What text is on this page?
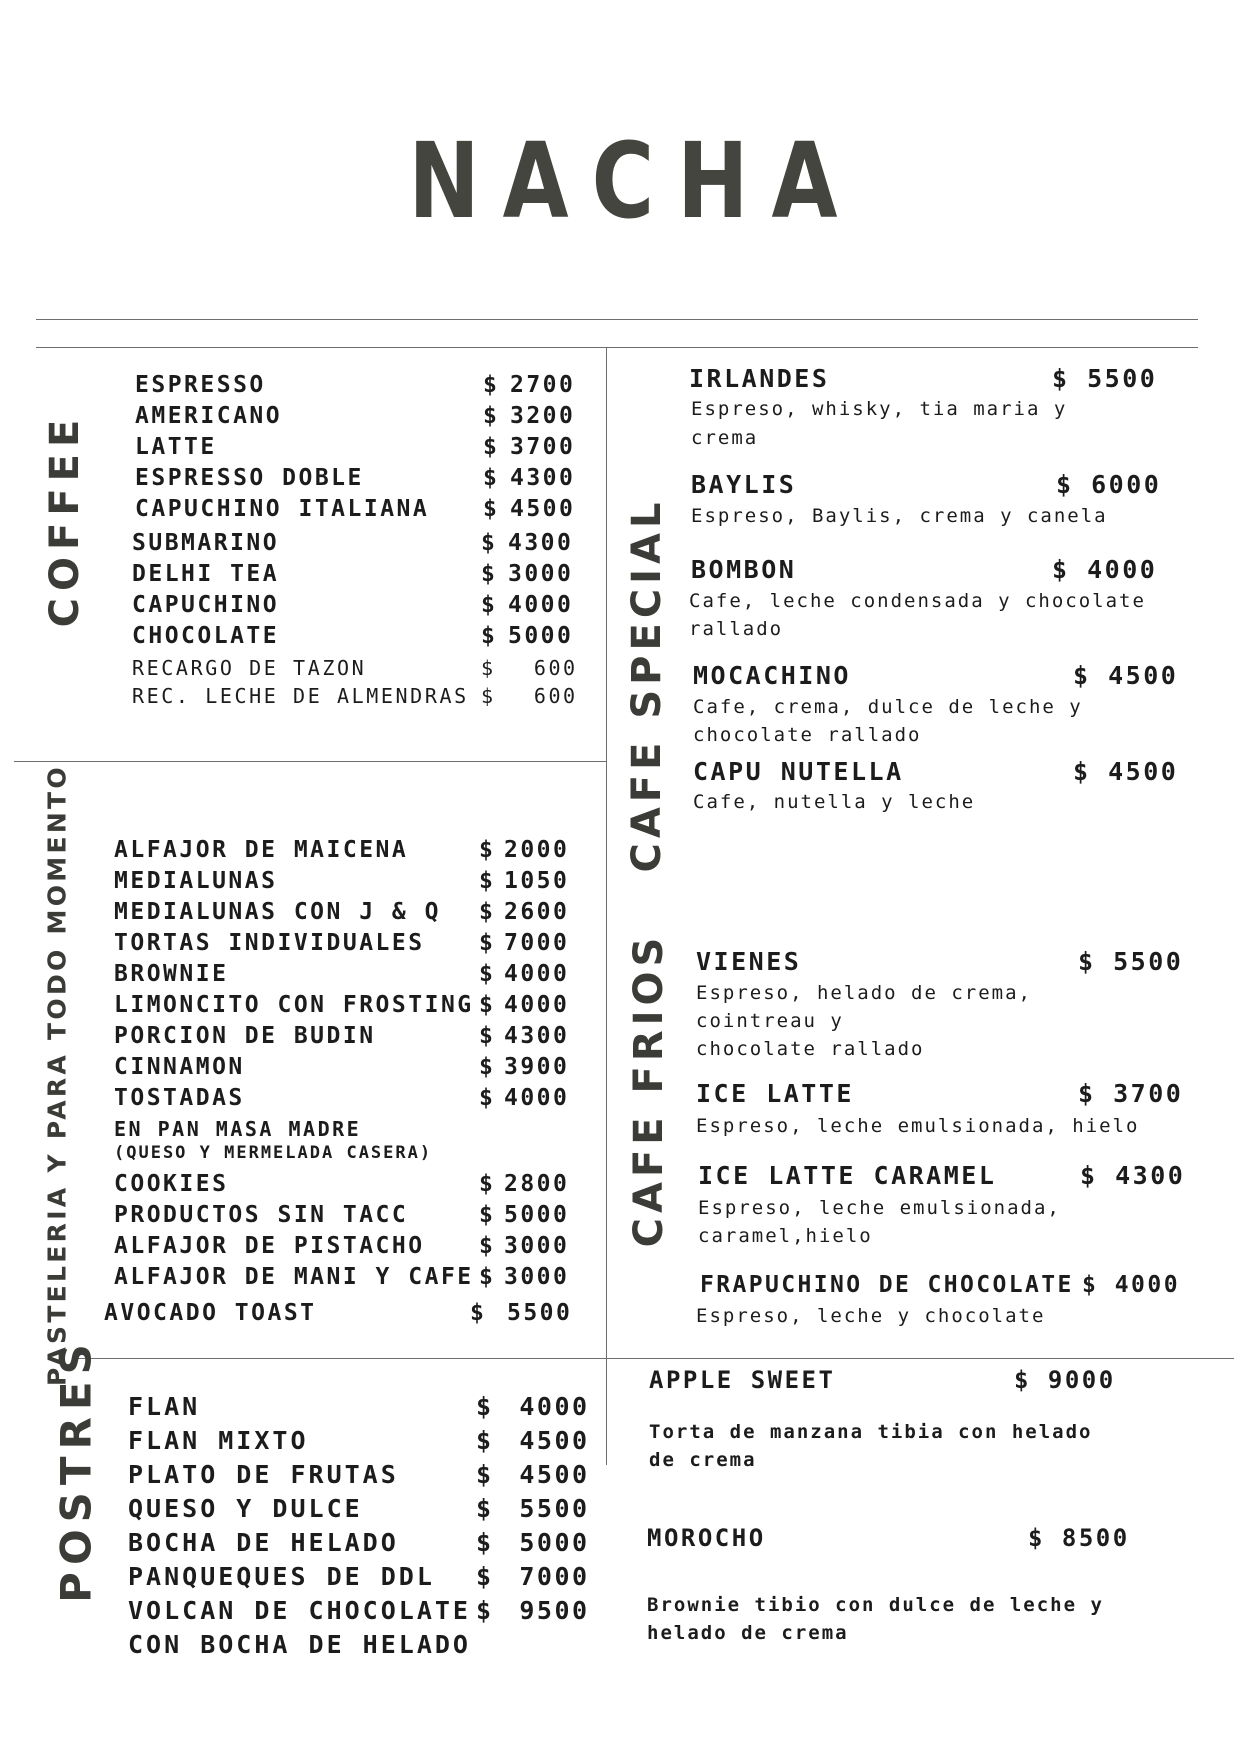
NACHA
COFFEE
PASTELERIA Y PARA TODO MOMENTO
POSTRES
CAFE SPECIAL
CAFE FRIOS
ESPRESSO	$ 2700
AMERICANO	$ 3200
LATTE	$ 3700
ESPRESSO DOBLE	$ 4300
CAPUCHINO ITALIANA $ 4500
SUBMARINO	$ 4300
DELHI TEA	$ 3000
CAPUCHINO	$ 4000
CHOCOLATE	$ 5000
RECARGO DE TAZON	$ 600
REC. LECHE DE ALMENDRAS $ 600
ALFAJOR DE MAICENA	$ 2000
MEDIALUNAS	$ 1050
MEDIALUNAS CON J & Q $ 2600
TORTAS INDIVIDUALES $ 7000
BROWNIE	$ 4000
LIMONCITO CON FROSTING $ 4000
PORCION DE BUDIN	$ 4300
CINNAMON	$ 3900
TOSTADAS	$ 4000
EN PAN MASA MADRE
(QUESO Y MERMELADA CASERA)
COOKIES	$ 2800
PRODUCTOS SIN TACC	$ 5000
ALFAJOR DE PISTACHO $ 3000
ALFAJOR DE MANI Y CAFE $ 3000
AVOCADO TOAST	$ 5500
FLAN	$ 4000
FLAN MIXTO	$ 4500
PLATO DE FRUTAS	$ 4500
QUESO Y DULCE	$ 5500
BOCHA DE HELADO	$ 5000
PANQUEQUES DE DDL $ 7000
VOLCAN DE CHOCOLATE $ 9500
CON BOCHA DE HELADO
IRLANDES	$ 5500
Espreso, whisky, tia maria y
crema
BAYLIS	$ 6000
Espreso, Baylis, crema y canela
BOMBON	$ 4000
Cafe, leche condensada y chocolate
rallado
MOCACHINO	$ 4500
Cafe, crema, dulce de leche y
chocolate rallado
CAPU NUTELLA	$ 4500
Cafe, nutella y leche
VIENES	$ 5500
Espreso, helado de crema,
cointreau y
chocolate rallado
ICE LATTE	$ 3700
Espreso, leche emulsionada, hielo
ICE LATTE CARAMEL	$ 4300
Espreso, leche emulsionada,
caramel,hielo
FRAPUCHINO DE CHOCOLATE $ 4000
Espreso, leche y chocolate
APPLE SWEET	$ 9000
Torta de manzana tibia con helado
de crema
MOROCHO	$ 8500
Brownie tibio con dulce de leche y
helado de crema
